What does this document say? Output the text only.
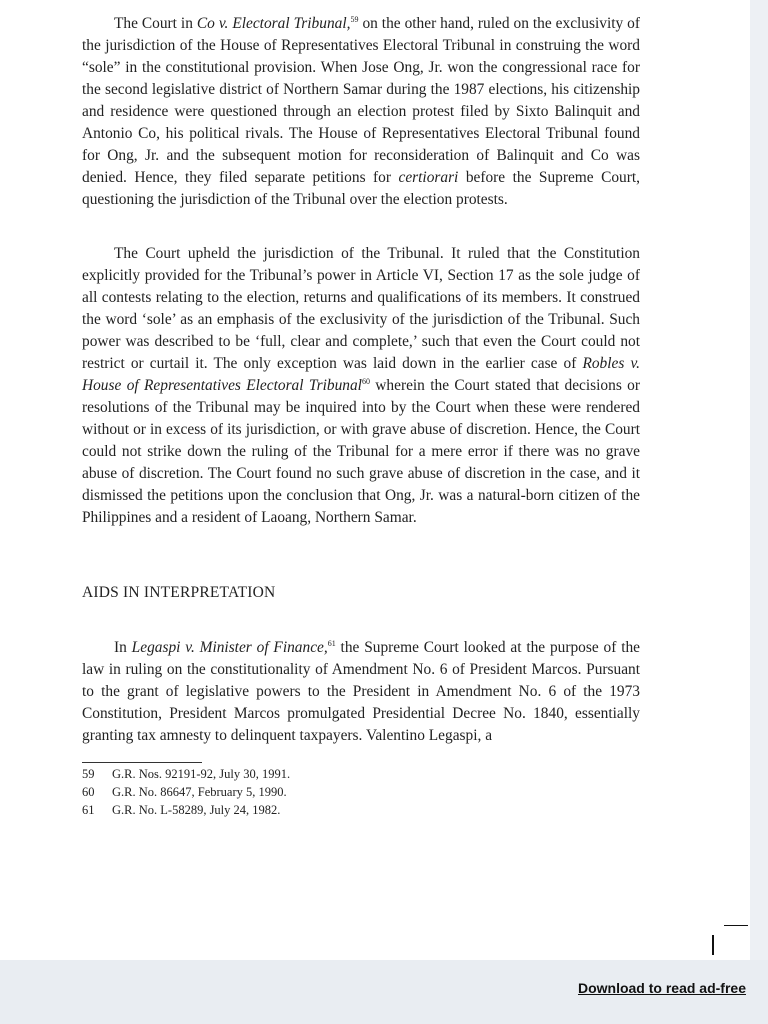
The Court in Co v. Electoral Tribunal,$^{59}$ on the other hand, ruled on the exclusivity of the jurisdiction of the House of Representatives Electoral Tribunal in construing the word “sole” in the constitutional provision. When Jose Ong, Jr. won the congressional race for the second legislative district of Northern Samar during the 1987 elections, his citizenship and residence were questioned through an election protest filed by Sixto Balinquit and Antonio Co, his political rivals. The House of Representatives Electoral Tribunal found for Ong, Jr. and the subsequent motion for reconsideration of Balinquit and Co was denied. Hence, they filed separate petitions for certiorari before the Supreme Court, questioning the jurisdiction of the Tribunal over the election protests.

The Court upheld the jurisdiction of the Tribunal. It ruled that the Constitution explicitly provided for the Tribunal’s power in Article VI, Section 17 as the sole judge of all contests relating to the election, returns and qualifications of its members. It construed the word ‘sole’ as an emphasis of the exclusivity of the jurisdiction of the Tribunal. Such power was described to be ‘full, clear and complete,’ such that even the Court could not restrict or curtail it. The only exception was laid down in the earlier case of Robles v. House of Representatives Electoral Tribunal$^{60}$ wherein the Court stated that decisions or resolutions of the Tribunal may be inquired into by the Court when these were rendered without or in excess of its jurisdiction, or with grave abuse of discretion. Hence, the Court could not strike down the ruling of the Tribunal for a mere error if there was no grave abuse of discretion. The Court found no such grave abuse of discretion in the case, and it dismissed the petitions upon the conclusion that Ong, Jr. was a natural-born citizen of the Philippines and a resident of Laoang, Northern Samar.

AIDS IN INTERPRETATION

In Legaspi v. Minister of Finance,$^{61}$ the Supreme Court looked at the purpose of the law in ruling on the constitutionality of Amendment No. 6 of President Marcos. Pursuant to the grant of legislative powers to the President in Amendment No. 6 of the 1973 Constitution, President Marcos promulgated Presidential Decree No. 1840, essentially granting tax amnesty to delinquent taxpayers. Valentino Legaspi, a

59	G.R. Nos. 92191-92, July 30, 1991.
60	G.R. No. 86647, February 5, 1990.
61	G.R. No. L-58289, July 24, 1982.
Download to read ad-free
